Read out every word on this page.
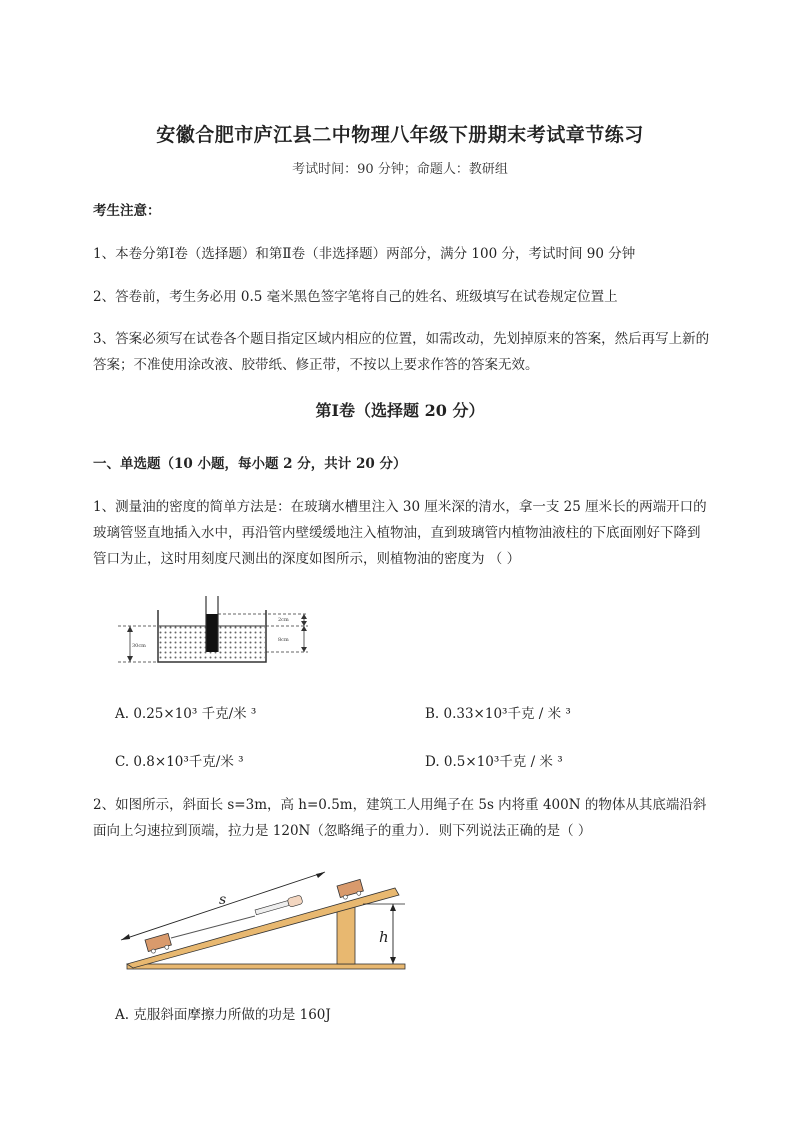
安徽合肥市庐江县二中物理八年级下册期末考试章节练习
考试时间：90 分钟；命题人：教研组
考生注意：
1、本卷分第Ⅰ卷（选择题）和第Ⅱ卷（非选择题）两部分，满分 100 分，考试时间 90 分钟
2、答卷前，考生务必用 0.5 毫米黑色签字笔将自己的姓名、班级填写在试卷规定位置上
3、答案必须写在试卷各个题目指定区域内相应的位置，如需改动，先划掉原来的答案，然后再写上新的答案；不准使用涂改液、胶带纸、修正带，不按以上要求作答的答案无效。
第Ⅰ卷（选择题 20 分）
一、单选题（10 小题，每小题 2 分，共计 20 分）
1、测量油的密度的简单方法是：在玻璃水槽里注入 30 厘米深的清水，拿一支 25 厘米长的两端开口的玻璃管竖直地插入水中，再沿管内壁缓缓地注入植物油，直到玻璃管内植物油液柱的下底面刚好下降到管口为止，这时用刻度尺测出的深度如图所示，则植物油的密度为 （ ）
30cm
2cm
8cm
A. 0.25×10³ 千克/米 ³	B. 0.33×10³千克 / 米 ³
C. 0.8×10³千克/米 ³	D. 0.5×10³千克 / 米 ³
2、如图所示，斜面长 s=3m，高 h=0.5m，建筑工人用绳子在 5s 内将重 400N 的物体从其底端沿斜面向上匀速拉到顶端，拉力是 120N（忽略绳子的重力）．则下列说法正确的是（ ）
s
h
A. 克服斜面摩擦力所做的功是 160J
